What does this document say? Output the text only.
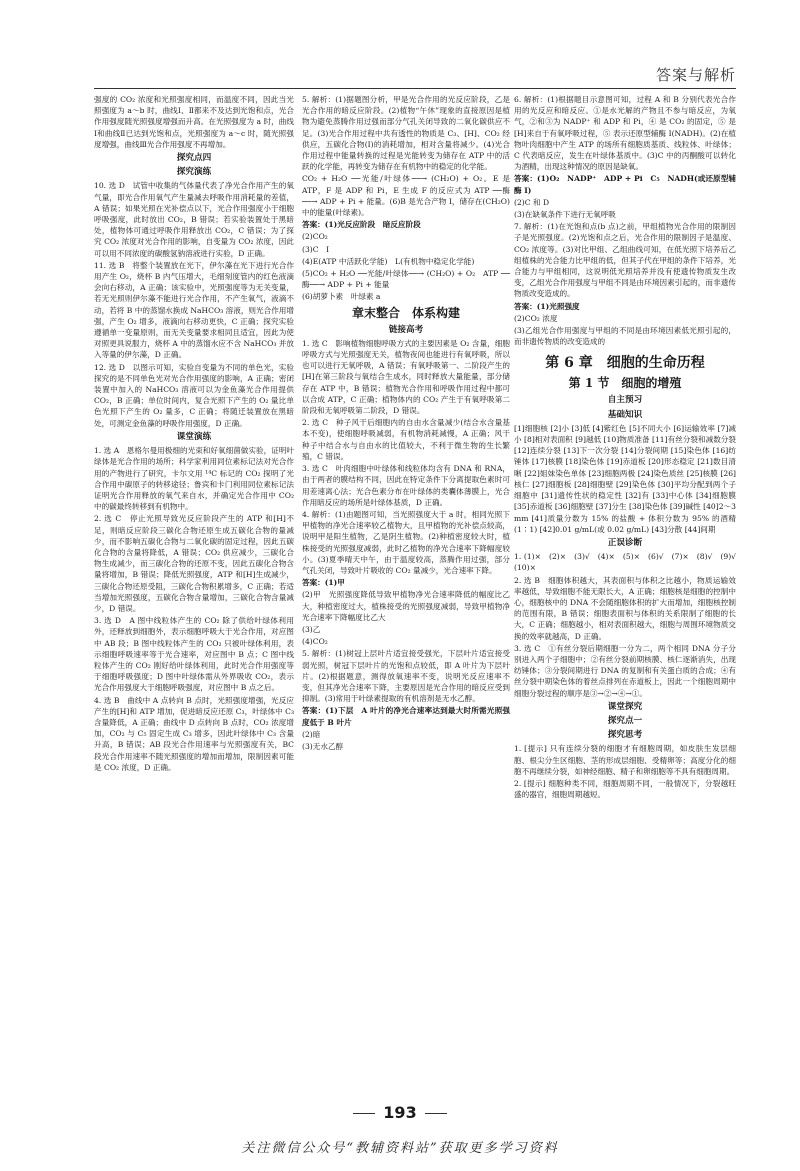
答案与解析
强度的 CO₂ 浓度和光照强度相同，而温度不同，因此当光照强度为 a～b 时，曲线Ⅰ、Ⅱ都来不及达到光饱和点，光合作用强度随光照强度增强而升高。在光照强度为 a 时，曲线Ⅰ和曲线Ⅱ已达到光饱和点，光照强度为 a～c 时，随光照强度增强，曲线Ⅲ光合作用强度不再增加。
探究点四
探究演练
10. 选 D　试管中收集的气体量代表了净光合作用产生的氧气量，即光合作用氧气产生量减去呼吸作用消耗量的差值，A 错误；如果光照在光补偿点以下，光合作用强度小于细胞呼吸强度，此时放出 CO₂，B 错误；若实验装置处于黑暗处，植物体可通过呼吸作用释放出 CO₂，C 错误；为了探究 CO₂ 浓度对光合作用的影响，自变量为 CO₂ 浓度，因此可以用不同浓度的碳酸氢钠溶液进行实验，D 正确。
11. 选 B　将整个装置放在光下，伊尔藻在光下进行光合作用产生 O₂，烧杯 B 内气压增大，毛细刻度管内的红色液滴会向右移动，A 正确；该实验中，光照强度等为无关变量，若无光照则伊尔藻不能进行光合作用，不产生氧气，液滴不动，若将 B 中的蒸馏水换成 NaHCO₃ 溶液，则光合作用增强，产生 O₂ 增多，液滴向右移动更快，C 正确；探究实验遵循单一变量原则，而无关变量要求相同且适宜，因此为使对照更具说服力，烧杯 A 中的蒸馏水应不含 NaHCO₃ 并放入等量的伊尔藻，D 正确。
12. 选 D　以图示可知，实验自变量为不同的单色光，实验探究的是不同单色光对光合作用强度的影响，A 正确；密闭装置中加入的 NaHCO₃ 溶液可以为金鱼藻光合作用提供 CO₂，B 正确；单位时间内，复合光照下产生的 O₂ 量比单色光照下产生的 O₂ 量多，C 正确；将随迁装置放在黑暗处，可测定金鱼藻的呼吸作用强度，D 正确。
课堂演练
1. 选 A　恩格尔曼用极细的光束和好氧细菌做实验，证明叶绿体是光合作用的场所；科学家利用同位素标记法对光合作用的产物进行了研究，卡尔文用 ¹⁴C 标记的 CO₂ 探明了光合作用中碳原子的转移途径；鲁宾和卡门利用同位素标记法证明光合作用释放的氧气来自水，并确定光合作用中 CO₂ 中的碳最终转移到有机物中。
2. 选 C　停止光照导致光反应阶段产生的 ATP 和[H]不足，则暗反应阶段三碳化合物还原生成五碳化合物的量减少，而不影响五碳化合物与二氧化碳的固定过程，因此五碳化合物的含量将降低，A 错误；CO₂ 供应减少，三碳化合物生成减少，而三碳化合物的还原不变，因此五碳化合物含量将增加，B 错误；降低光照强度，ATP 和[H]生成减少，三碳化合物还原受阻，三碳化合物积累增多，C 正确；若适当增加光照强度，五碳化合物含量增加，三碳化合物含量减少，D 错误。
3. 选 D　A 图中线粒体产生的 CO₂ 除了供给叶绿体利用外，还释放到细胞外，表示细胞呼吸大于光合作用，对应图中 AB 段；B 图中线粒体产生的 CO₂ 只被叶绿体利用，表示细胞呼吸速率等于光合速率，对应图中 B 点；C 图中线粒体产生的 CO₂ 刚好给叶绿体利用，此时光合作用强度等于细胞呼吸强度；D 图中叶绿体需从外界吸收 CO₂，表示光合作用强度大于细胞呼吸强度，对应图中 B 点之后。
4. 选 B　曲线中 A 点转向 B 点时，光照强度增强，光反应产生的[H]和 ATP 增加，促进暗反应还原 C₃，叶绿体中 C₃ 含量降低，A 正确；曲线中 D 点转向 B 点时，CO₂ 浓度增加，CO₂ 与 C₅ 固定生成 C₃ 增多，因此叶绿体中 C₃ 含量升高，B 错误；AB 段光合作用速率与光照强度有关，BC 段光合作用速率不随光照强度的增加而增加，限制因素可能是 CO₂ 浓度，D 正确。
5. 解析：(1)据题图分析，甲是光合作用的光反应阶段，乙是光合作用的暗反应阶段。(2)植物“午休”现象的直接原因是植物为避免蒸腾作用过强而部分气孔关闭导致的二氧化碳供应不足。(3)光合作用过程中共有透性的物质是 C₃、[H]、CO₂ 经供应，五碳化合物(I)的消耗增加，相对含量将减少。(4)光合作用过程中能量转换的过程是光能转变为储存在 ATP 中的活跃的化学能，再转变为储存在有机物中的稳定的化学能。
CO₂ + H₂O ──光能/叶绿体──→ (CH₂O) + O₂。E 是 ATP，F 是 ADP 和 Pi，E 生成 F 的反应式为 ATP ──酶──→ ADP + Pi + 能量。(6)B 是光合产物 I，储存在(CH₂O)中的能量(叶绿素)。
答案：(1)光反应阶段　暗反应阶段
(2)CO₂
(3)C　I
(4)E(ATP 中活跃化学能)　L(有机物中稳定化学能)
(5)CO₂ + H₂O ──光能/叶绿体──→ (CH₂O) + O₂　ATP ──酶──→ ADP + Pi + 能量
(6)胡萝卜素　叶绿素 a
章末整合　体系构建
链接高考
1. 选 C　影响植物细胞呼吸方式的主要因素是 O₂ 含量，细胞呼吸方式与光照强度无关，植物夜间也能进行有氧呼吸，所以也可以进行无氧呼吸，A 错误；有氧呼吸第一、二阶段产生的[H]在第三阶段与氧结合生成水，同时释放大量能量，部分储存在 ATP 中，B 错误；植物光合作用和呼吸作用过程中都可以合成 ATP，C 正确；植物体内的 CO₂ 产生于有氧呼吸第二阶段和无氧呼吸第二阶段，D 错误。
2. 选 C　种子风干后细胞内的自由水含量减少(结合水含量基本不变)，使细胞呼吸减弱，有机物消耗减慢，A 正确；风干种子中结合水与自由水的比值较大，不利于微生物的生长繁殖，C 错误。
3. 选 C　叶肉细胞中叶绿体和线粒体均含有 DNA 和 RNA，由于两者的膜结构不同，因此在特定条件下分离提取色素时可用差速离心法；光合色素分布在叶绿体的类囊体薄膜上，光合作用暗反应的场所是叶绿体基质，D 正确。
4. 解析：(1)由题图可知，当光照强度大于 a 时，相同光照下甲植物的净光合速率较乙植物大，且甲植物的光补偿点较高，说明甲是阳生植物，乙是阴生植物。(2)种植密度较大时，植株接受的光照强度减弱，此时乙植物的净光合速率下降幅度较小。(3)夏季晴天中午，由于温度较高，蒸腾作用过强，部分气孔关闭，导致叶片吸收的 CO₂ 量减少，光合速率下降。
答案：(1)甲
(2)甲　光照强度降低导致甲植物净光合速率降低的幅度比乙大，种植密度过大，植株接受的光照强度减弱，导致甲植物净光合速率下降幅度比乙大
(3)乙
(4)CO₂
5. 解析：(1)树冠上层叶片适宜接受强光，下层叶片适宜接受弱光照，树冠下层叶片的光饱和点较低，即 A 叶片为下层叶片。(2)根据题意，测得放氧速率不变，说明光反应速率不变，但其净光合速率下降，主要原因是光合作用的暗反应受到抑制。(3)常用于叶绿素提取的有机溶剂是无水乙醇。
答案：(1)下层　A 叶片的净光合速率达到最大时所需光照强度低于 B 叶片
(2)暗
(3)无水乙醇
6. 解析：(1)根据题目示意图可知，过程 A 和 B 分别代表光合作用的光反应和暗反应。①是水光解的产物且不参与暗反应，为氧气，②和③为 NADP⁺ 和 ADP 和 Pi，④ 是 CO₂ 的固定，⑤ 是[H]来自于有氧呼吸过程，⑤ 表示还原型辅酶 I(NADH)。(2)在植物叶肉细胞中产生 ATP 的场所有细胞质基质、线粒体、叶绿体；C 代表暗反应，发生在叶绿体基质中。(3)C 中的丙酮酸可以转化为酒精，出现这种情况的原因是缺氧。
答案：(1)O₂　NADP⁺　ADP + Pi　C₅　NADH(或还原型辅酶 I)
(2)C 和 D
(3)在缺氧条件下进行无氧呼吸
7. 解析：(1)在光饱和点(b 点)之前，甲组植物光合作用的限制因子是光照强度。(2)光饱和点之后，光合作用的限制因子是温度、CO₂ 浓度等。(3)对比甲组、乙组曲线可知，在低光照下培养后乙组植株的光合能力比甲组的低，但其子代在甲组的条件下培养，光合能力与甲组相同，这说明低光照培养并没有使遗传物质发生改变，乙组光合作用强度与甲组不同是由环境因素引起的，而非遗传物质改变造成的。
答案：(1)光照强度
(2)CO₂ 浓度
(3)乙组光合作用强度与甲组的不同是由环境因素低光照引起的，而非遗传物质的改变造成的
第 6 章　细胞的生命历程
第 1 节　细胞的增殖
自主预习
基础知识
[1]细胞核 [2]小 [3]低 [4]紫红色 [5]不同大小 [6]运输效率 [7]减小 [8]相对表面积 [9]越低 [10]物质准备 [11]有丝分裂和减数分裂 [12]连续分裂 [13]下一次分裂 [14]分裂间期 [15]染色体 [16]纺锤体 [17]核膜 [18]染色体 [19]赤道板 [20]形态稳定 [21]数目清晰 [22]姐妹染色单体 [23]细胞两极 [24]染色质丝 [25]核膜 [26]核仁 [27]细胞板 [28]细胞壁 [29]染色体 [30]平均分配到两个子细胞中 [31]遗传性状的稳定性 [32]有 [33]中心体 [34]细胞膜 [35]赤道板 [36]细胞壁 [37]分生 [38]染色体 [39]碱性 [40]2～3 mm [41]质量分数为 15% 的盐酸 + 体积分数为 95% 的酒精(1∶1) [42]0.01 g/mL(或 0.02 g/mL) [43]分散 [44]间期
正误诊断
1. (1)×　(2)×　(3)√　(4)×　(5)×　(6)√　(7)×　(8)√　(9)√　(10)×
2. 选 B　细胞体积越大，其表面积与体积之比越小，物质运输效率越低，导致细胞不能无限长大，A 正确；细胞核是细胞的控制中心，细胞核中的 DNA 不会随细胞体积的扩大而增加，细胞核控制的范围有限，B 错误；细胞表面积与体积的关系限制了细胞的长大，C 正确；细胞越小，相对表面积越大，细胞与周围环境物质交换的效率就越高，D 正确。
3. 选 C　①有丝分裂后期细胞一分为二，两个相同 DNA 分子分别进入两个子细胞中；②有丝分裂前期核膜、核仁逐渐消失，出现纺锤体；③分裂间期进行 DNA 的复制和有关蛋白质的合成；④有丝分裂中期染色体的着丝点排列在赤道板上，因此一个细胞周期中细胞分裂过程的顺序是③→②→④→①。
课堂探究
探究点一
探究思考
1. [提示] 只有连续分裂的细胞才有细胞周期，如皮肤生发层细胞、根尖分生区细胞、茎的形成层细胞、受精卵等；高度分化的细胞不再继续分裂，如神经细胞、精子和卵细胞等不具有细胞周期。
2. [提示] 细胞种类不同，细胞周期不同，一般情况下，分裂越旺盛的器官，细胞周期越短。
193
关注微信公众号“教辅资料站”获取更多学习资料
